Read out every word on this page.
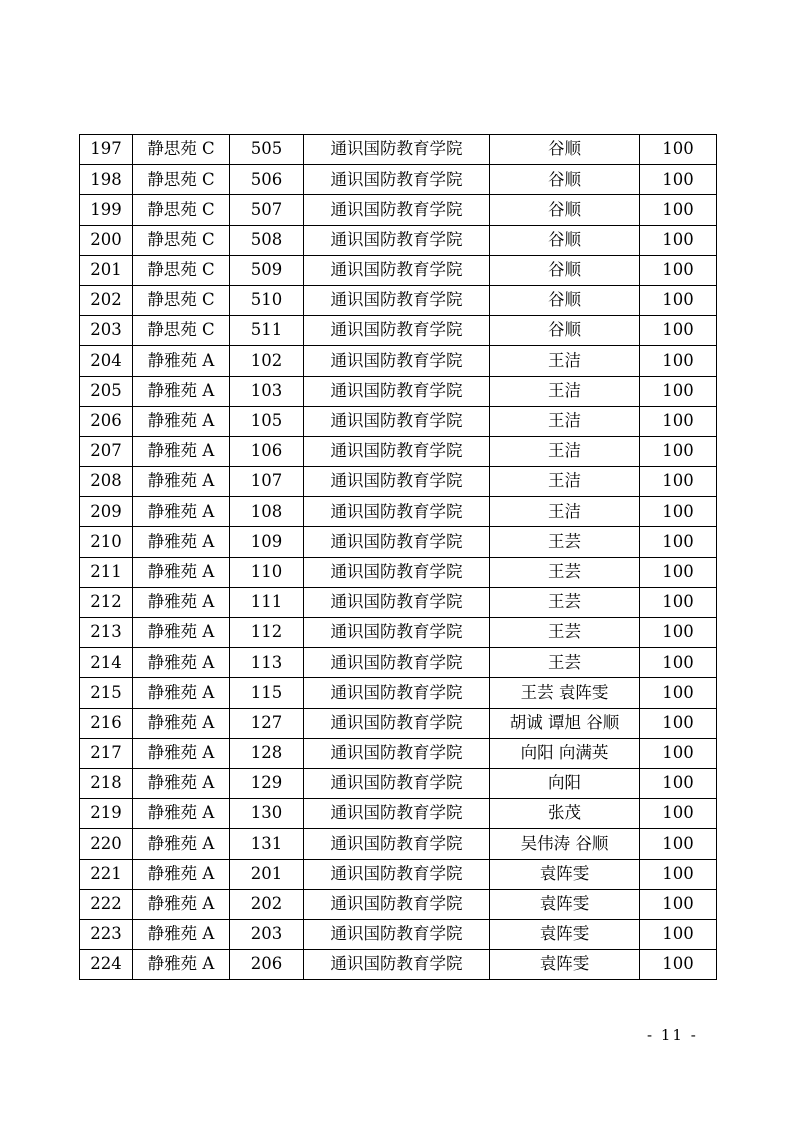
197	静思苑 C	505	通识国防教育学院	谷顺	100
198	静思苑 C	506	通识国防教育学院	谷顺	100
199	静思苑 C	507	通识国防教育学院	谷顺	100
200	静思苑 C	508	通识国防教育学院	谷顺	100
201	静思苑 C	509	通识国防教育学院	谷顺	100
202	静思苑 C	510	通识国防教育学院	谷顺	100
203	静思苑 C	511	通识国防教育学院	谷顺	100
204	静雅苑 A	102	通识国防教育学院	王洁	100
205	静雅苑 A	103	通识国防教育学院	王洁	100
206	静雅苑 A	105	通识国防教育学院	王洁	100
207	静雅苑 A	106	通识国防教育学院	王洁	100
208	静雅苑 A	107	通识国防教育学院	王洁	100
209	静雅苑 A	108	通识国防教育学院	王洁	100
210	静雅苑 A	109	通识国防教育学院	王芸	100
211	静雅苑 A	110	通识国防教育学院	王芸	100
212	静雅苑 A	111	通识国防教育学院	王芸	100
213	静雅苑 A	112	通识国防教育学院	王芸	100
214	静雅苑 A	113	通识国防教育学院	王芸	100
215	静雅苑 A	115	通识国防教育学院	王芸 袁阵雯	100
216	静雅苑 A	127	通识国防教育学院	胡诚 谭旭 谷顺	100
217	静雅苑 A	128	通识国防教育学院	向阳 向满英	100
218	静雅苑 A	129	通识国防教育学院	向阳	100
219	静雅苑 A	130	通识国防教育学院	张茂	100
220	静雅苑 A	131	通识国防教育学院	吴伟涛 谷顺	100
221	静雅苑 A	201	通识国防教育学院	袁阵雯	100
222	静雅苑 A	202	通识国防教育学院	袁阵雯	100
223	静雅苑 A	203	通识国防教育学院	袁阵雯	100
224	静雅苑 A	206	通识国防教育学院	袁阵雯	100
- 11 -
